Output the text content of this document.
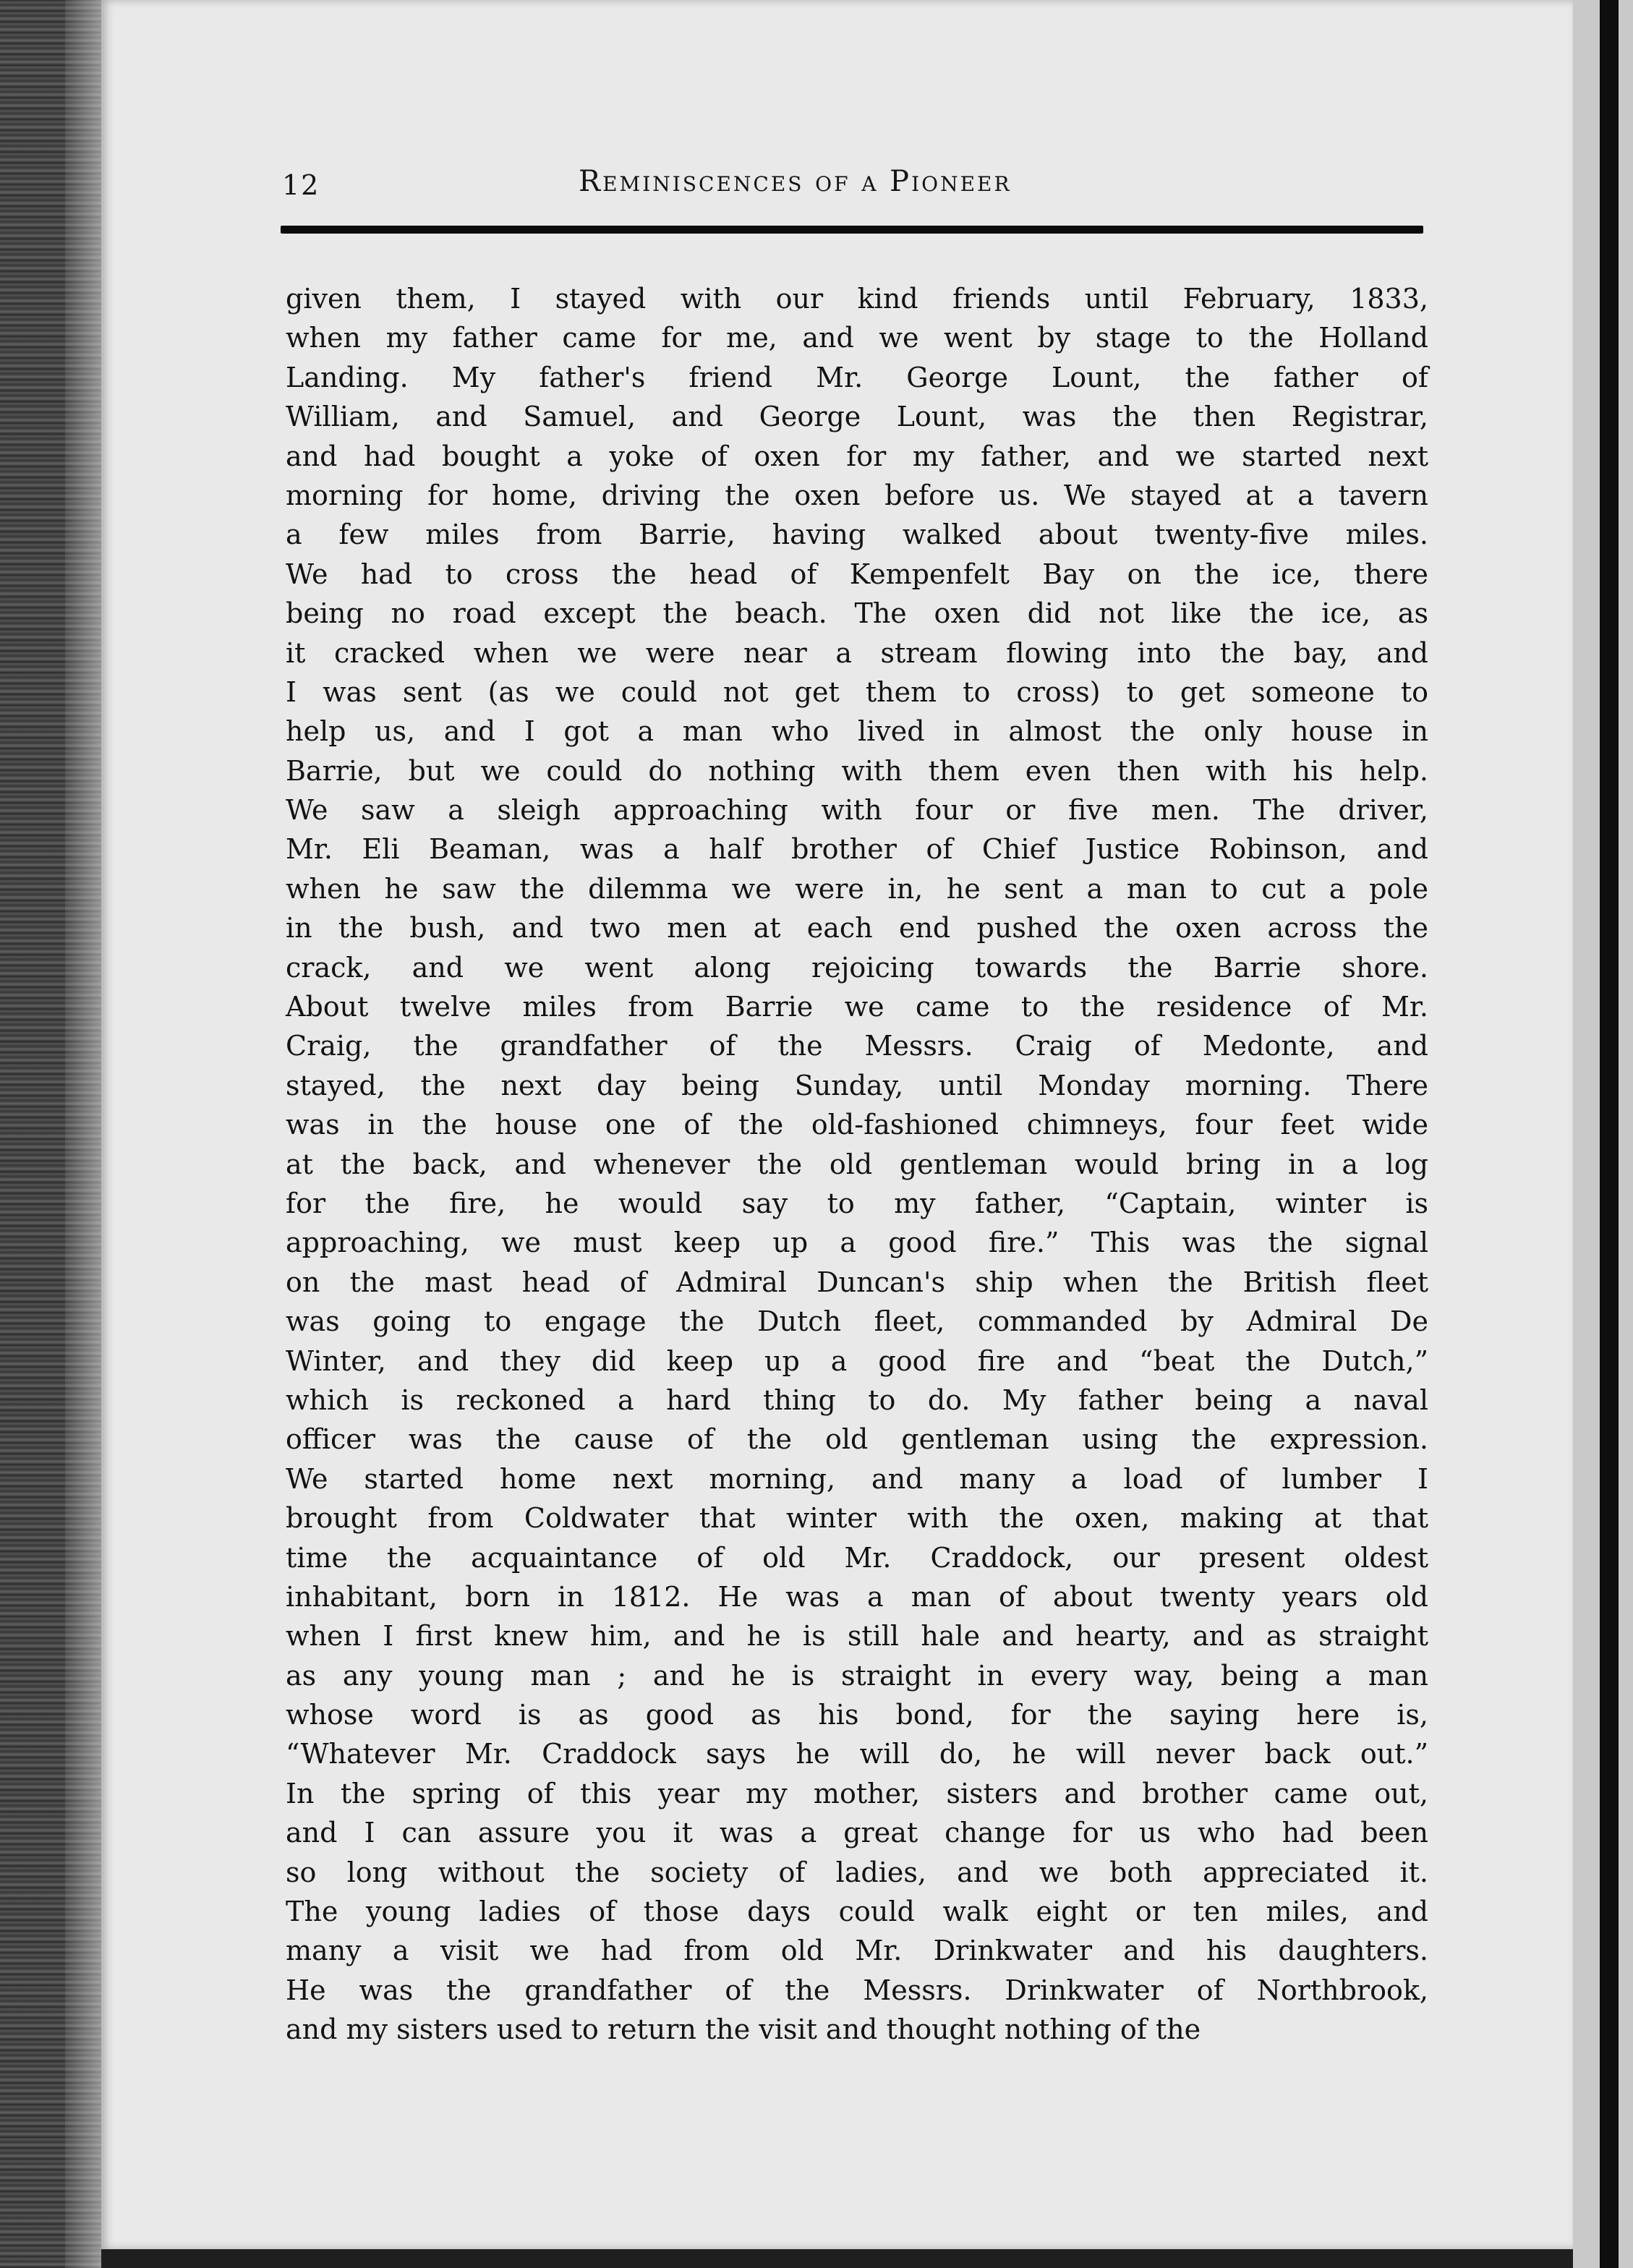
12	Reminiscences of a Pioneer
given them, I stayed with our kind friends until February, 1833,
when my father came for me, and we went by stage to the Holland
Landing. My father's friend Mr. George Lount, the father of
William, and Samuel, and George Lount, was the then Registrar,
and had bought a yoke of oxen for my father, and we started next
morning for home, driving the oxen before us. We stayed at a tavern
a few miles from Barrie, having walked about twenty-five miles.
We had to cross the head of Kempenfelt Bay on the ice, there
being no road except the beach. The oxen did not like the ice, as
it cracked when we were near a stream flowing into the bay, and
I was sent (as we could not get them to cross) to get someone to
help us, and I got a man who lived in almost the only house in
Barrie, but we could do nothing with them even then with his help.
We saw a sleigh approaching with four or five men. The driver,
Mr. Eli Beaman, was a half brother of Chief Justice Robinson, and
when he saw the dilemma we were in, he sent a man to cut a pole
in the bush, and two men at each end pushed the oxen across the
crack, and we went along rejoicing towards the Barrie shore.
About twelve miles from Barrie we came to the residence of Mr.
Craig, the grandfather of the Messrs. Craig of Medonte, and
stayed, the next day being Sunday, until Monday morning. There
was in the house one of the old-fashioned chimneys, four feet wide
at the back, and whenever the old gentleman would bring in a log
for the fire, he would say to my father, “Captain, winter is
approaching, we must keep up a good fire.” This was the signal
on the mast head of Admiral Duncan's ship when the British fleet
was going to engage the Dutch fleet, commanded by Admiral De
Winter, and they did keep up a good fire and “beat the Dutch,”
which is reckoned a hard thing to do. My father being a naval
officer was the cause of the old gentleman using the expression.
We started home next morning, and many a load of lumber I
brought from Coldwater that winter with the oxen, making at that
time the acquaintance of old Mr. Craddock, our present oldest
inhabitant, born in 1812. He was a man of about twenty years old
when I first knew him, and he is still hale and hearty, and as straight
as any young man ; and he is straight in every way, being a man
whose word is as good as his bond, for the saying here is,
“Whatever Mr. Craddock says he will do, he will never back out.”
In the spring of this year my mother, sisters and brother came out,
and I can assure you it was a great change for us who had been
so long without the society of ladies, and we both appreciated it.
The young ladies of those days could walk eight or ten miles, and
many a visit we had from old Mr. Drinkwater and his daughters.
He was the grandfather of the Messrs. Drinkwater of Northbrook,
and my sisters used to return the visit and thought nothing of the
